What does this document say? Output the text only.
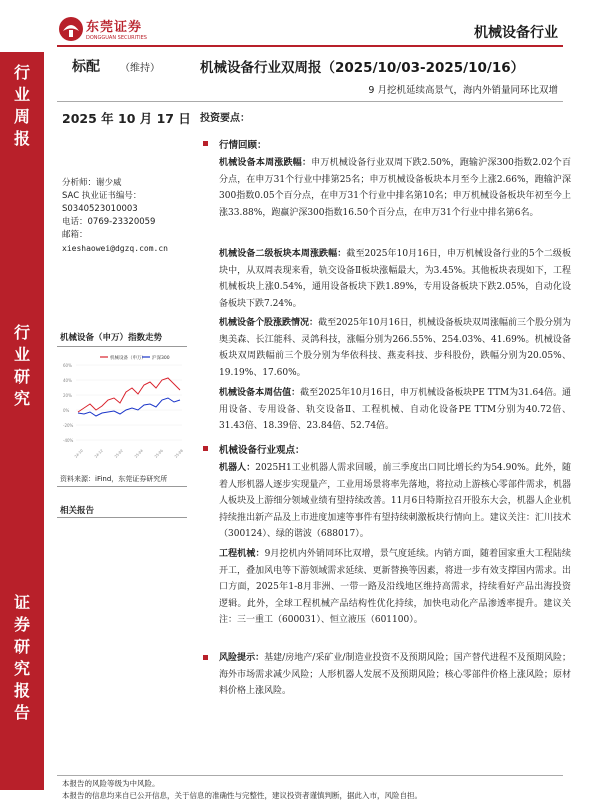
东莞证券
DONGGUAN SECURITIES	机械设备行业
行
业
周
报
行
业
研
究
证
券
研
究
报
告
标配 （维持）	机械设备行业双周报（2025/10/03-2025/10/16）
9 月挖机延续高景气，海内外销量同环比双增
2025 年 10 月 17 日 投资要点：
分析师：谢少威
SAC 执业证书编号：
S0340523010003
电话：0769-23320059
邮箱：
xieshaowei@dgzq.com.cn
机械设备（申万）指数走势
60%
40%
20%
0%
-20%
-40%
机械设备（申万） 沪深300
24-10	24-12	25-02	25-04	25-06	25-08
资料来源：iFind，东莞证券研究所
相关报告
行情回顾：
机械设备本周涨跌幅：申万机械设备行业双周下跌2.50%，跑输沪深300指数2.02个百分点，在申万31个行业中排第25名；申万机械设备板块本月至今上涨2.66%，跑输沪深300指数0.05个百分点，在申万31个行业中排名第10名；申万机械设备板块年初至今上涨33.88%，跑赢沪深300指数16.50个百分点，在申万31个行业中排名第6名。
机械设备二级板块本周涨跌幅：截至2025年10月16日，申万机械设备行业的5个二级板块中，从双周表现来看，轨交设备Ⅱ板块涨幅最大，为3.45%。其他板块表现如下，工程机械板块上涨0.54%，通用设备板块下跌1.89%，专用设备板块下跌2.05%，自动化设备板块下跌7.24%。
机械设备个股涨跌情况：截至2025年10月16日，机械设备板块双周涨幅前三个股分别为奥美森、长江能科、灵鸽科技，涨幅分别为266.55%、254.03%、41.69%。机械设备板块双周跌幅前三个股分别为华依科技、燕麦科技、步科股份，跌幅分别为20.05%、19.19%、17.60%。
机械设备本周估值：截至2025年10月16日，申万机械设备板块PE TTM为31.64倍。通用设备、专用设备、轨交设备Ⅱ、工程机械、自动化设备PE TTM分别为40.72倍、31.43倍、18.39倍、23.84倍、52.74倍。
机械设备行业观点：
机器人：2025H1工业机器人需求回暖，前三季度出口同比增长约为54.90%。此外，随着人形机器人逐步实现量产，工业用场景将率先落地，将拉动上游核心零部件需求，机器人板块及上游细分领域业绩有望持续改善。11月6日特斯拉召开股东大会，机器人企业机持续推出新产品及上市进度加速等事件有望持续刺激板块行情向上。建议关注：汇川技术（300124）、绿的谐波（688017）。
工程机械：9月挖机内外销同环比双增，景气度延续。内销方面，随着国家重大工程陆续开工，叠加风电等下游领域需求延续、更新替换等因素，将进一步有效支撑国内需求。出口方面，2025年1-8月非洲、一带一路及沿线地区维持高需求，持续看好产品出海投资逻辑。此外，全球工程机械产品结构性优化持续，加快电动化产品渗透率提升。建议关注：三一重工（600031）、恒立液压（601100）。
风险提示：基建/房地产/采矿业/制造业投资不及预期风险；国产替代进程不及预期风险；海外市场需求减少风险；人形机器人发展不及预期风险；核心零部件价格上涨风险；原材料价格上涨风险。
本报告的风险等级为中风险。
本报告的信息均来自已公开信息，关于信息的准确性与完整性，建议投资者谨慎判断，据此入市，风险自担。
